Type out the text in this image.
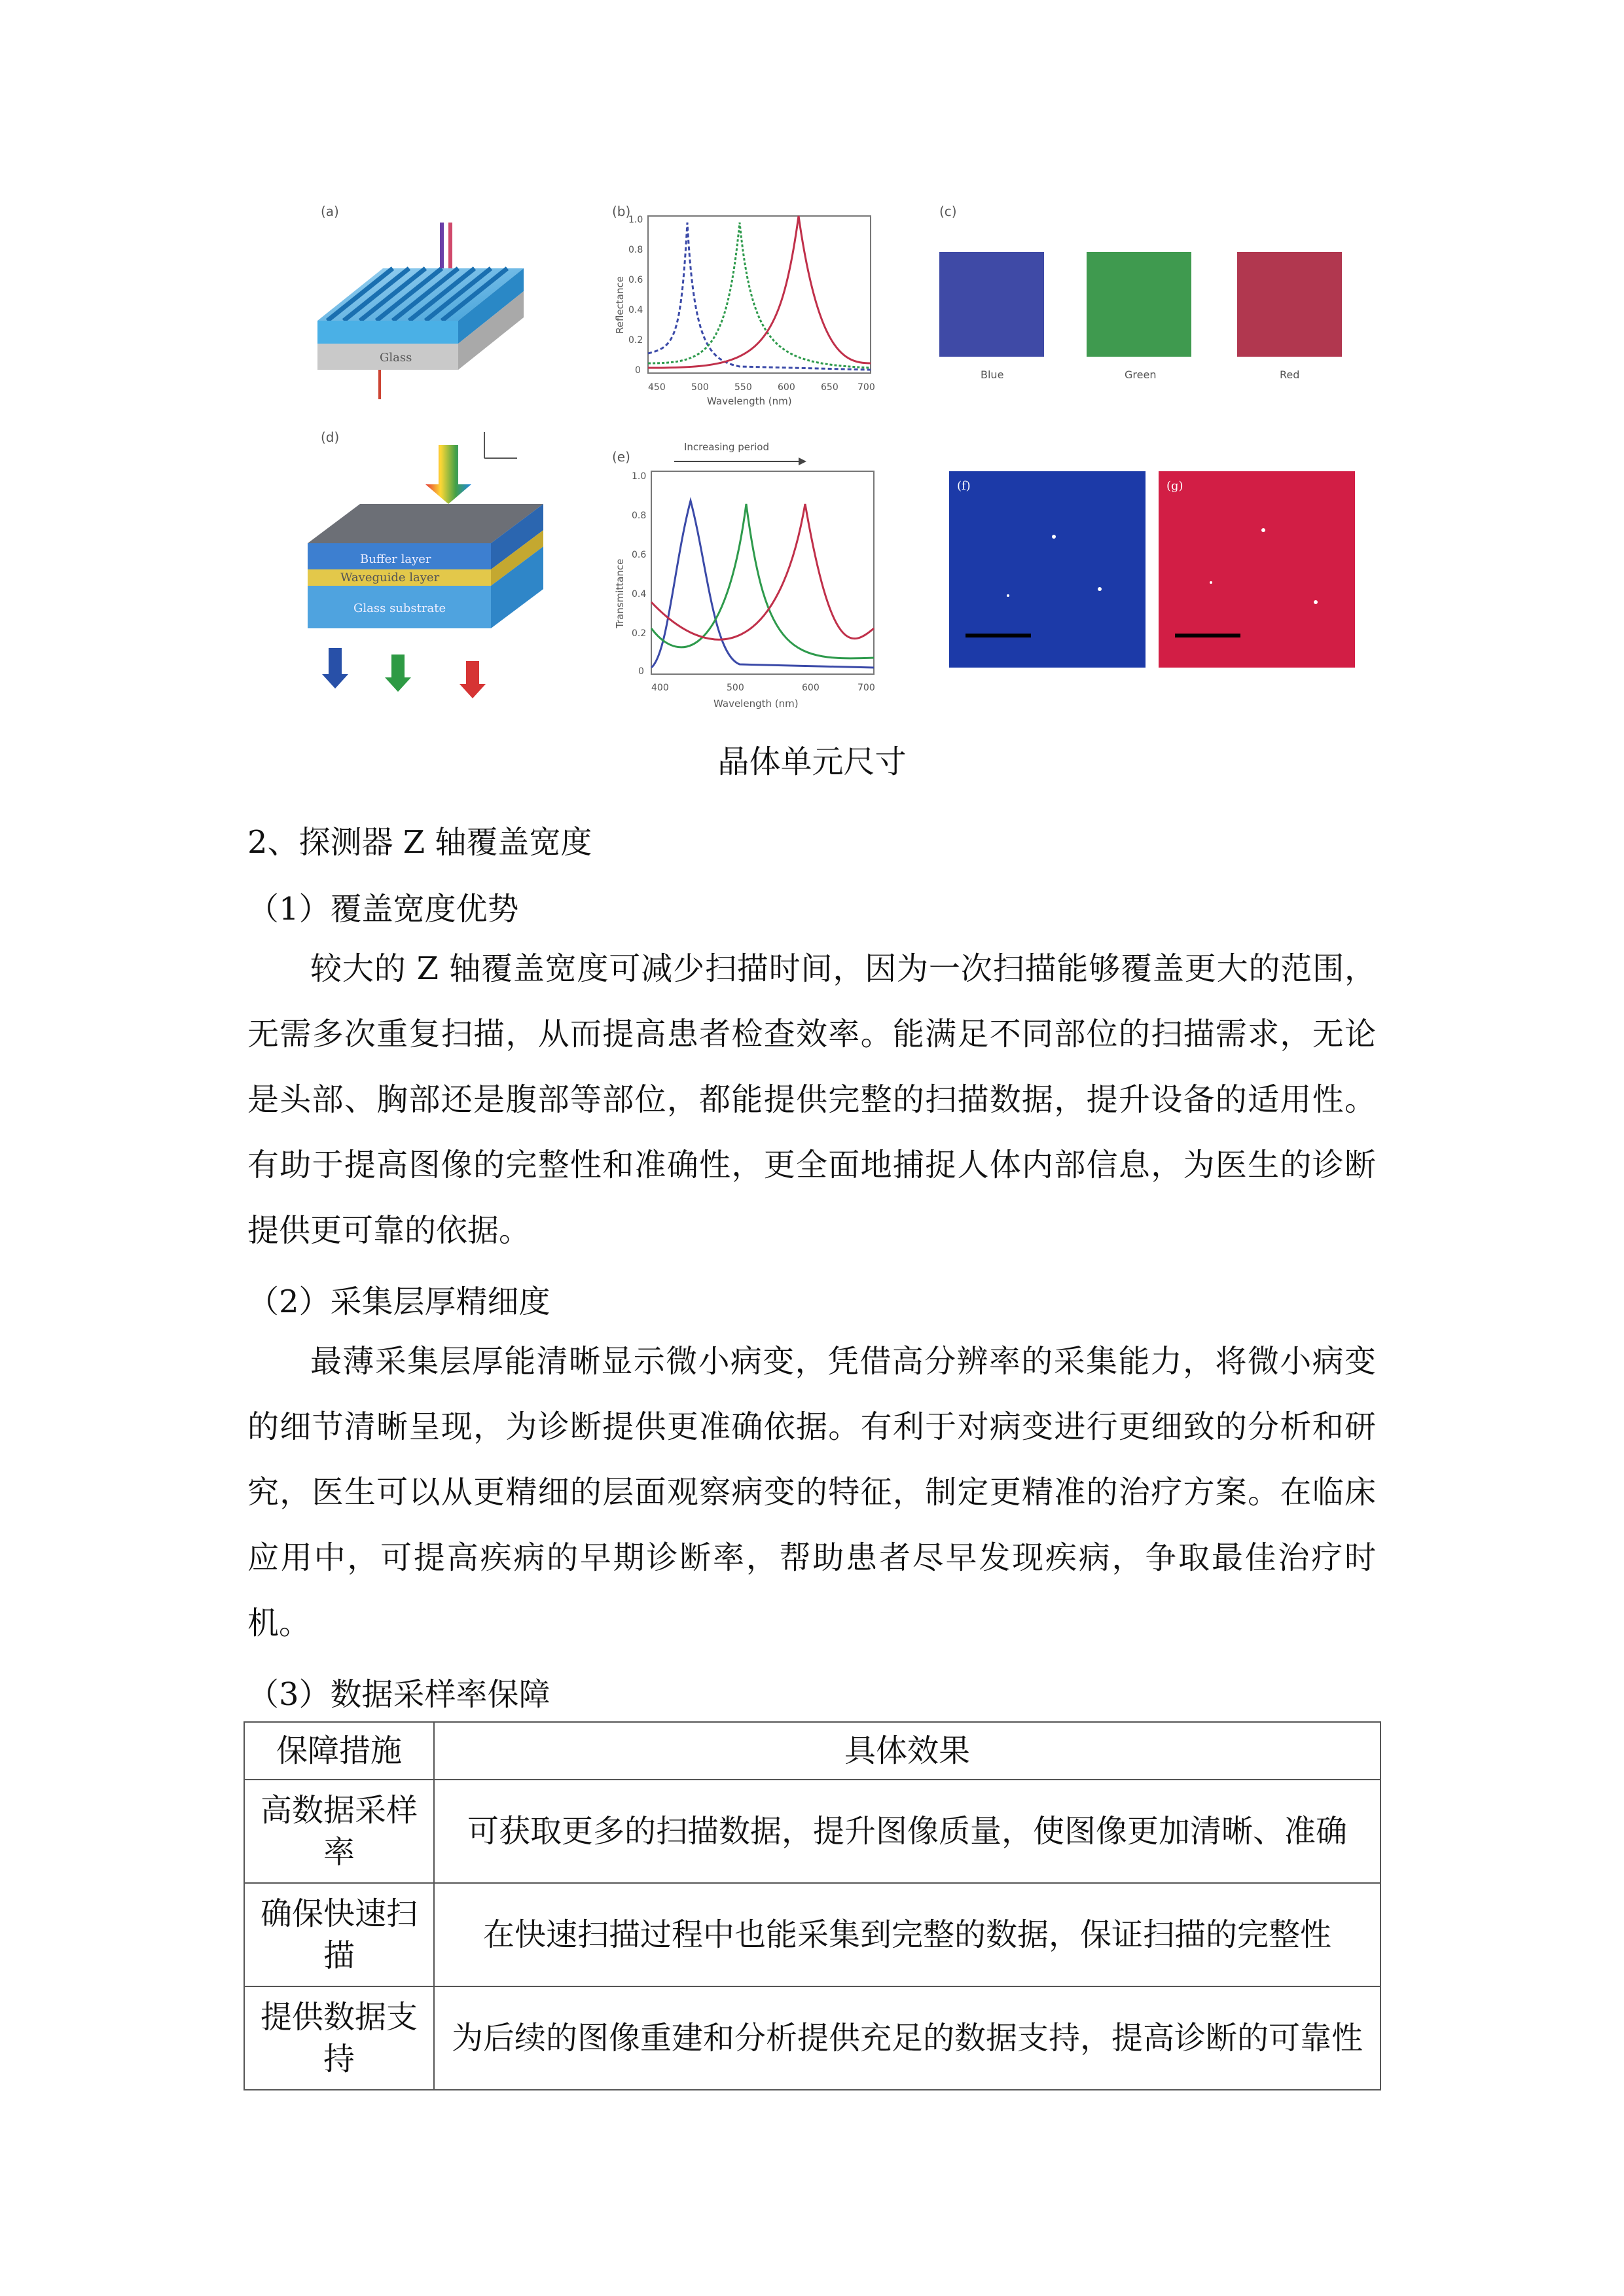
(a)
Glass
(b)
450	500	550	600	650 700
1.0
0.8
0.6
0.4
0.2
0
Wavelength (nm)
Reflectance
(c)
Blue	Green	Red
(d)
Buffer layer
Waveguide layer
Glass substrate
(e)
Increasing period
400	500	600	700
1.0
0.8
0.6
0.4
0.2
0
Wavelength (nm)
Transmittance
(f)	(g)
晶体单元尺寸
2、探测器 Z 轴覆盖宽度
（1）覆盖宽度优势

较大的 Z 轴覆盖宽度可减少扫描时间，因为一次扫描能够覆盖更大的范围，无需多次重复扫描，从而提高患者检查效率。能满足不同部位的扫描需求，无论是头部、胸部还是腹部等部位，都能提供完整的扫描数据，提升设备的适用性。有助于提高图像的完整性和准确性，更全面地捕捉人体内部信息，为医生的诊断提供更可靠的依据。

（2）采集层厚精细度

最薄采集层厚能清晰显示微小病变，凭借高分辨率的采集能力，将微小病变的细节清晰呈现，为诊断提供更准确依据。有利于对病变进行更细致的分析和研究，医生可以从更精细的层面观察病变的特征，制定更精准的治疗方案。在临床应用中，可提高疾病的早期诊断率，帮助患者尽早发现疾病，争取最佳治疗时机。

（3）数据采样率保障
保障措施	具体效果
高数据采样率	可获取更多的扫描数据，提升图像质量，使图像更加清晰、准确
确保快速扫描	在快速扫描过程中也能采集到完整的数据，保证扫描的完整性
提供数据支持	为后续的图像重建和分析提供充足的数据支持，提高诊断的可靠性
